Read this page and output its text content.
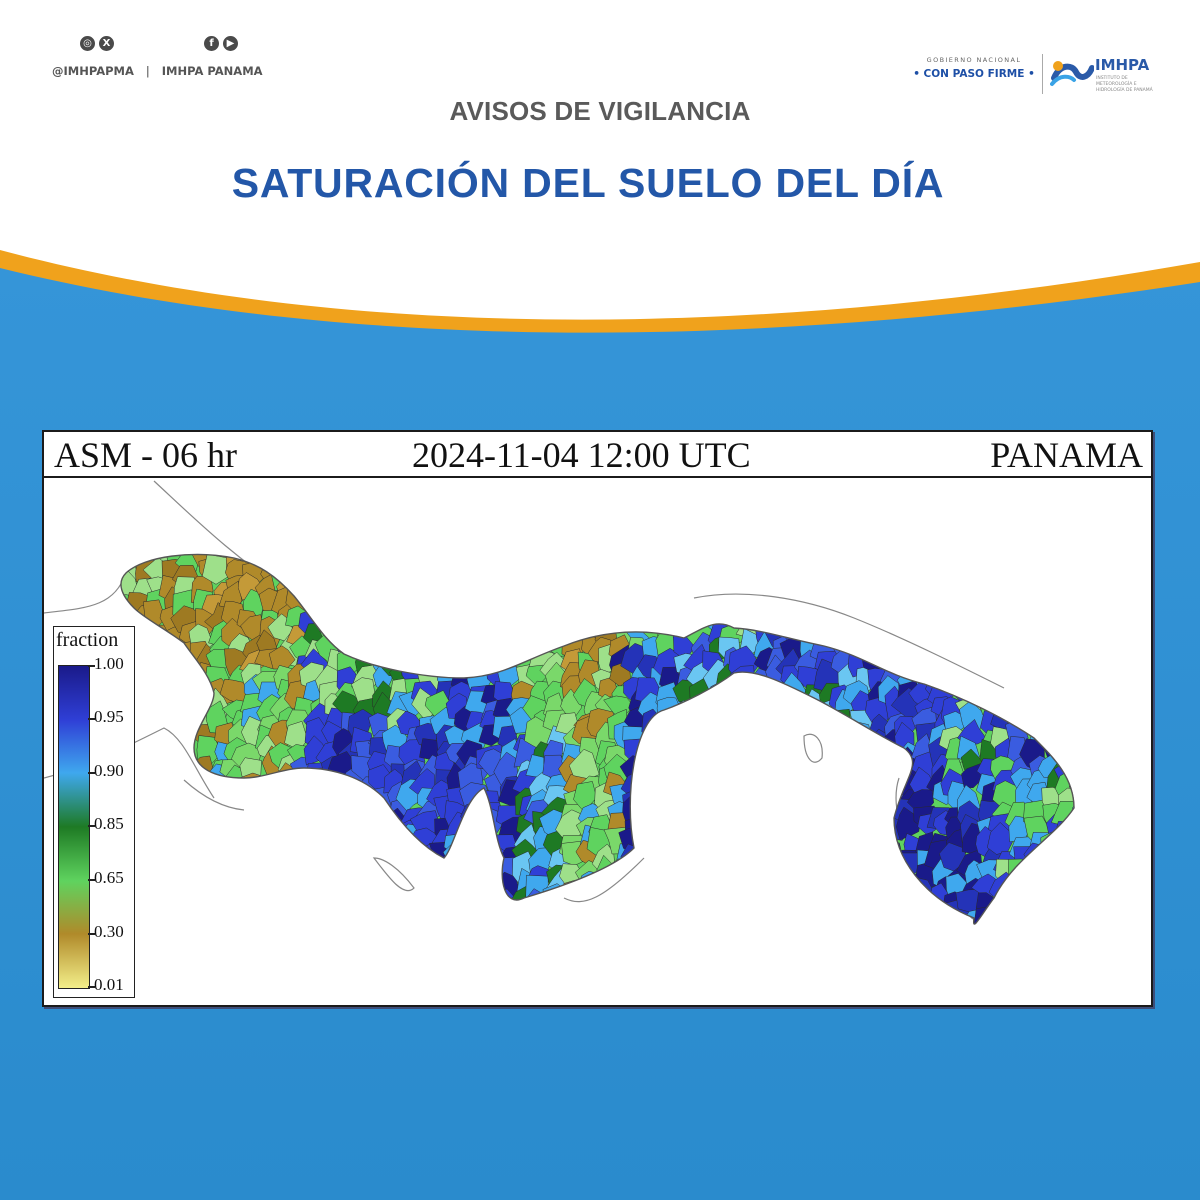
◎	X	f	▶
@IMHPAPMA | IMHPA PANAMA
GOBIERNO NACIONAL
• CON PASO FIRME •	IMHPA
INSTITUTO DE METEOROLOGÍA E HIDROLOGÍA DE PANAMÁ
AVISOS DE VIGILANCIA
SATURACIÓN DEL SUELO DEL DÍA
ASM - 06 hr	2024-11-04 12:00 UTC	PANAMA
fraction
1.00
0.95
0.90
0.85
0.65
0.30
0.01
